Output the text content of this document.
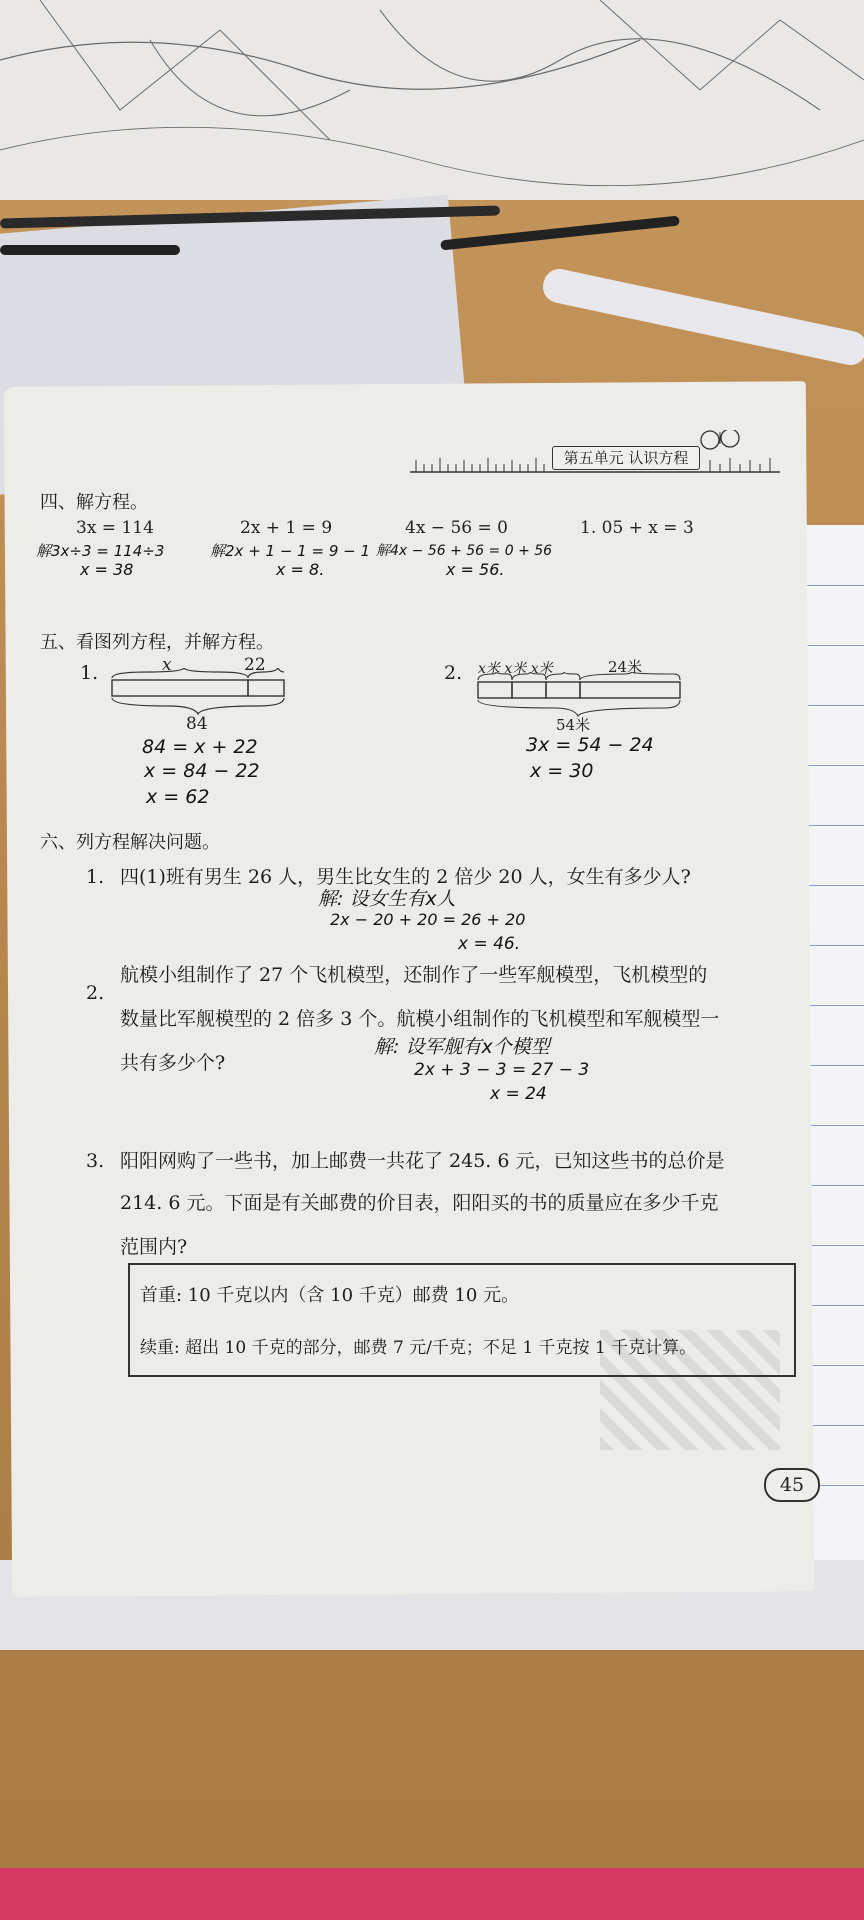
第五单元 认识方程
四、解方程。
3x = 114	2x + 1 = 9	4x − 56 = 0	1. 05 + x = 3
解3x÷3 = 114÷3
x = 38
解2x + 1 − 1 = 9 − 1
x = 8.
解4x − 56 + 56 = 0 + 56
x = 56.
五、看图列方程，并解方程。
1.	x	22
84
84 = x + 22
x = 84 − 22
x = 62
2. x米 x米 x米	24米
54米
3x = 54 − 24
x = 30
六、列方程解决问题。
1. 四(1)班有男生 26 人，男生比女生的 2 倍少 20 人，女生有多少人?
解: 设女生有x人
2x − 20 + 20 = 26 + 20
x = 46.
2.
航模小组制作了 27 个飞机模型，还制作了一些军舰模型，飞机模型的
数量比军舰模型的 2 倍多 3 个。航模小组制作的飞机模型和军舰模型一
共有多少个?
解: 设军舰有x个模型
2x + 3 − 3 = 27 − 3
x = 24
3. 阳阳网购了一些书，加上邮费一共花了 245. 6 元，已知这些书的总价是
214. 6 元。下面是有关邮费的价目表，阳阳买的书的质量应在多少千克
范围内?
首重: 10 千克以内（含 10 千克）邮费 10 元。
续重: 超出 10 千克的部分，邮费 7 元/千克；不足 1 千克按 1 千克计算。
45
